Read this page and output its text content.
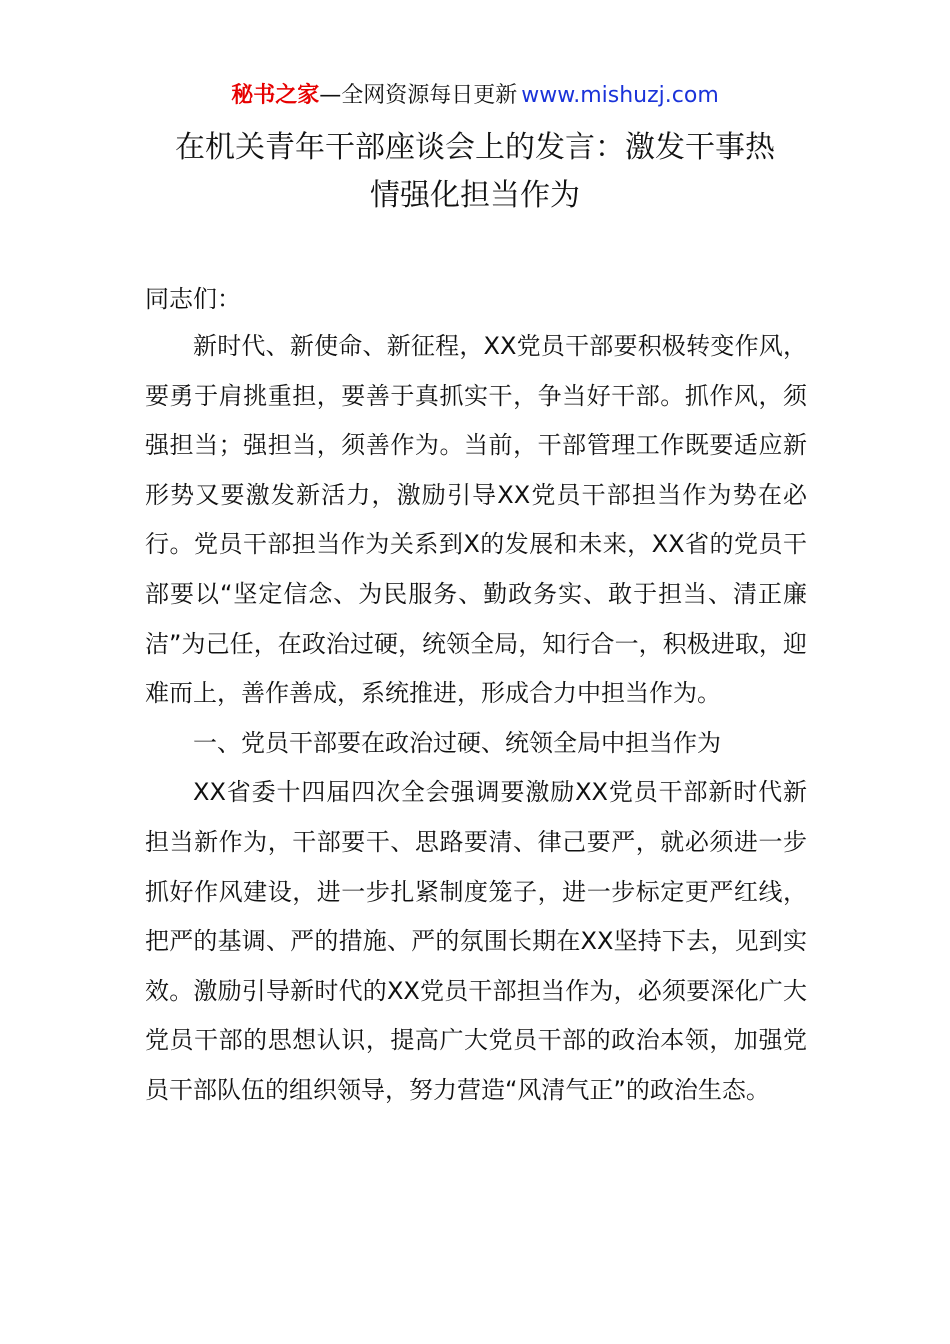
秘书之家—全网资源每日更新 www.mishuzj.com
在机关青年干部座谈会上的发言：激发干事热
情强化担当作为
同志们：

新时代、新使命、新征程，XX党员干部要积极转变作风，要勇于肩挑重担，要善于真抓实干，争当好干部。抓作风，须强担当；强担当，须善作为。当前，干部管理工作既要适应新形势又要激发新活力，激励引导XX党员干部担当作为势在必行。党员干部担当作为关系到X的发展和未来，XX省的党员干部要以“坚定信念、为民服务、勤政务实、敢于担当、清正廉洁”为己任，在政治过硬，统领全局，知行合一，积极进取，迎难而上，善作善成，系统推进，形成合力中担当作为。

一、党员干部要在政治过硬、统领全局中担当作为

XX省委十四届四次全会强调要激励XX党员干部新时代新担当新作为，干部要干、思路要清、律己要严，就必须进一步抓好作风建设，进一步扎紧制度笼子，进一步标定更严红线，把严的基调、严的措施、严的氛围长期在XX坚持下去，见到实效。激励引导新时代的XX党员干部担当作为，必须要深化广大党员干部的思想认识，提高广大党员干部的政治本领，加强党员干部队伍的组织领导，努力营造“风清气正”的政治生态。
